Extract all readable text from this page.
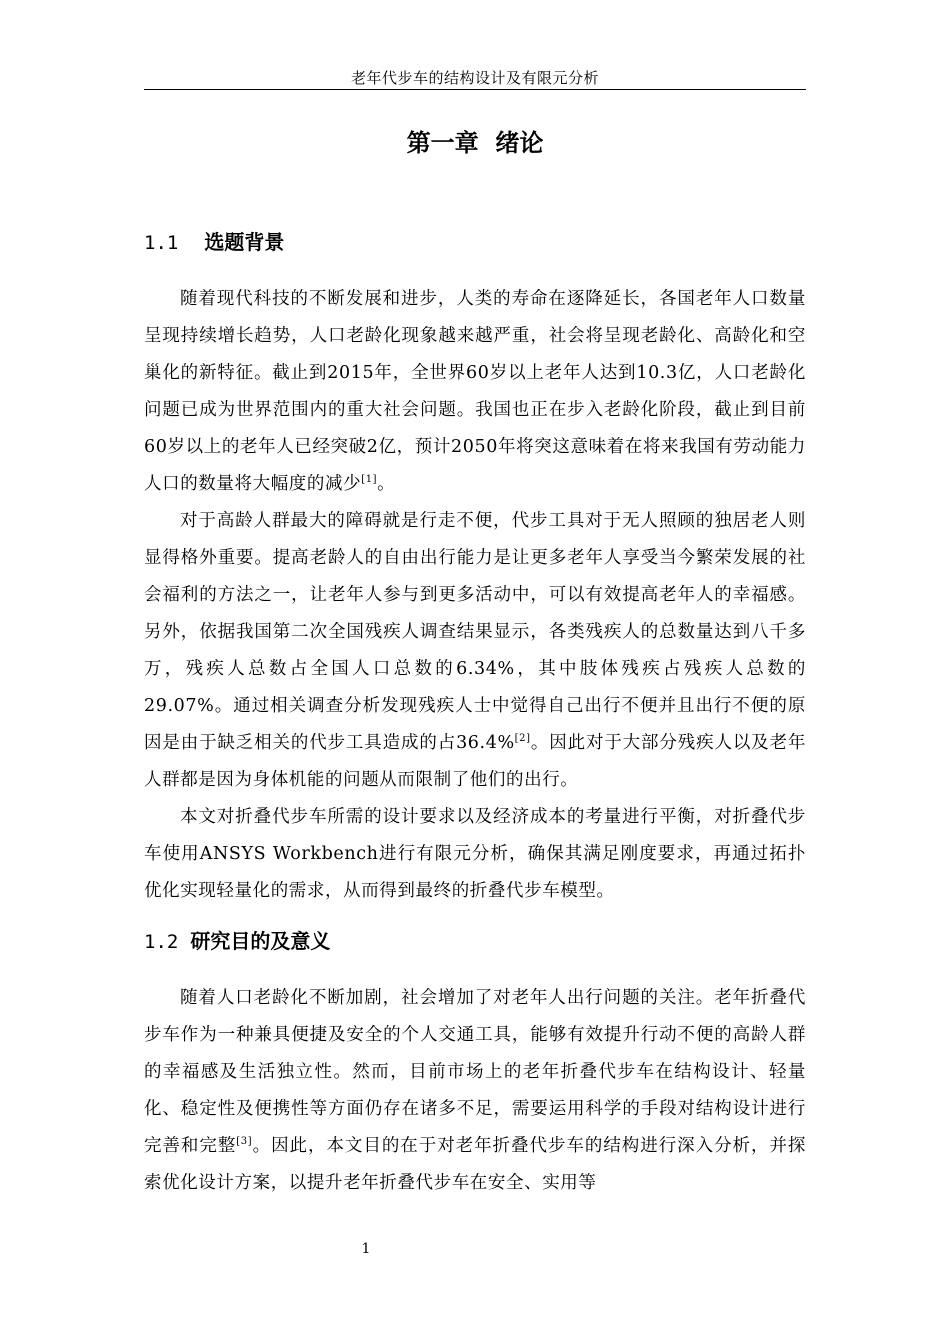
老年代步车的结构设计及有限元分析
第一章  绪论
1.1 选题背景

随着现代科技的不断发展和进步，人类的寿命在逐降延长，各国老年人口数量呈现持续增长趋势，人口老龄化现象越来越严重，社会将呈现老龄化、高龄化和空巢化的新特征。截止到2015年，全世界60岁以上老年人达到10.3亿，人口老龄化问题已成为世界范围内的重大社会问题。我国也正在步入老龄化阶段，截止到目前60岁以上的老年人已经突破2亿，预计2050年将突这意味着在将来我国有劳动能力人口的数量将大幅度的减少[1]。

对于高龄人群最大的障碍就是行走不便，代步工具对于无人照顾的独居老人则显得格外重要。提高老龄人的自由出行能力是让更多老年人享受当今繁荣发展的社会福利的方法之一，让老年人参与到更多活动中，可以有效提高老年人的幸福感。另外，依据我国第二次全国残疾人调查结果显示，各类残疾人的总数量达到八千多万，残疾人总数占全国人口总数的6.34%，其中肢体残疾占残疾人总数的29.07%。通过相关调查分析发现残疾人士中觉得自己出行不便并且出行不便的原因是由于缺乏相关的代步工具造成的占36.4%[2]。因此对于大部分残疾人以及老年人群都是因为身体机能的问题从而限制了他们的出行。

本文对折叠代步车所需的设计要求以及经济成本的考量进行平衡，对折叠代步车使用ANSYS Workbench进行有限元分析，确保其满足刚度要求，再通过拓扑优化实现轻量化的需求，从而得到最终的折叠代步车模型。

1.2 研究目的及意义

随着人口老龄化不断加剧，社会增加了对老年人出行问题的关注。老年折叠代步车作为一种兼具便捷及安全的个人交通工具，能够有效提升行动不便的高龄人群的幸福感及生活独立性。然而，目前市场上的老年折叠代步车在结构设计、轻量化、稳定性及便携性等方面仍存在诸多不足，需要运用科学的手段对结构设计进行完善和完整[3]。因此，本文目的在于对老年折叠代步车的结构进行深入分析，并探索优化设计方案，以提升老年折叠代步车在安全、实用等

1
